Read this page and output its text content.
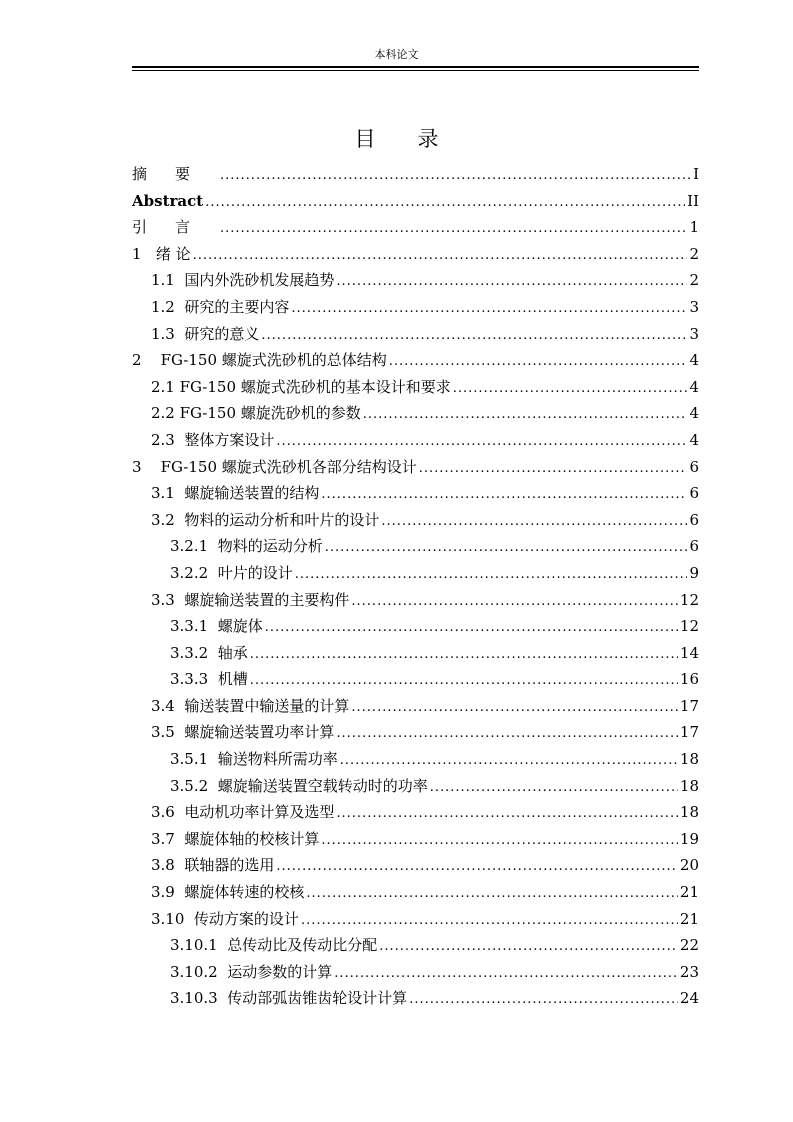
本科论文
目录
摘要 .....	I
Abstract .....	II
引言 .....	1
1   绪 论 .....	2
1.1  国内外洗砂机发展趋势 .....	2
1.2  研究的主要内容 .....	3
1.3  研究的意义 .....	3
2    FG-150 螺旋式洗砂机的总体结构 .....	4
2.1 FG-150 螺旋式洗砂机的基本设计和要求 .....	4
2.2 FG-150 螺旋洗砂机的参数 .....	4
2.3  整体方案设计 .....	4
3    FG-150 螺旋式洗砂机各部分结构设计 .....	6
3.1  螺旋输送装置的结构 .....	6
3.2  物料的运动分析和叶片的设计 .....	6
3.2.1  物料的运动分析 .....	6
3.2.2  叶片的设计 .....	9
3.3  螺旋输送装置的主要构件 .....	12
3.3.1  螺旋体 .....	12
3.3.2  轴承 .....	14
3.3.3  机槽 .....	16
3.4  输送装置中输送量的计算 .....	17
3.5  螺旋输送装置功率计算 .....	17
3.5.1  输送物料所需功率 .....	18
3.5.2  螺旋输送装置空载转动时的功率 .....	18
3.6  电动机功率计算及选型 .....	18
3.7  螺旋体轴的校核计算 .....	19
3.8  联轴器的选用 .....	20
3.9  螺旋体转速的校核 .....	21
3.10  传动方案的设计 .....	21
3.10.1  总传动比及传动比分配 .....	22
3.10.2  运动参数的计算 .....	23
3.10.3  传动部弧齿锥齿轮设计计算 .....	24
